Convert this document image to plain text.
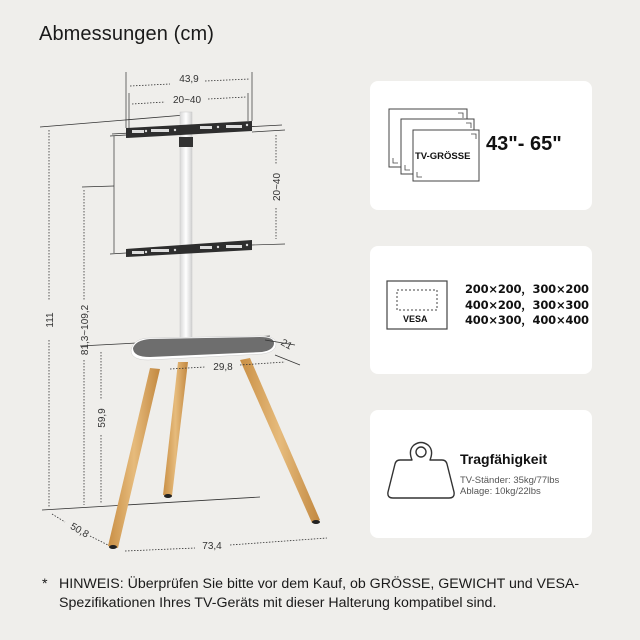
Abmessungen (cm)
43,9
20~40
20~40
111 81,3~109,2
59,9
21
29,8
50,8
73,4
TV-GRÖSSE
43"- 65"
VESA
200×200，300×200
400×200，300×300
400×300，400×400
Tragfähigkeit
TV-Ständer: 35kg/77lbs
Ablage: 10kg/22lbs
* HINWEIS: Überprüfen Sie bitte vor dem Kauf, ob GRÖSSE, GEWICHT und VESA-Spezifikationen Ihres TV-Geräts mit dieser Halterung kompatibel sind.
